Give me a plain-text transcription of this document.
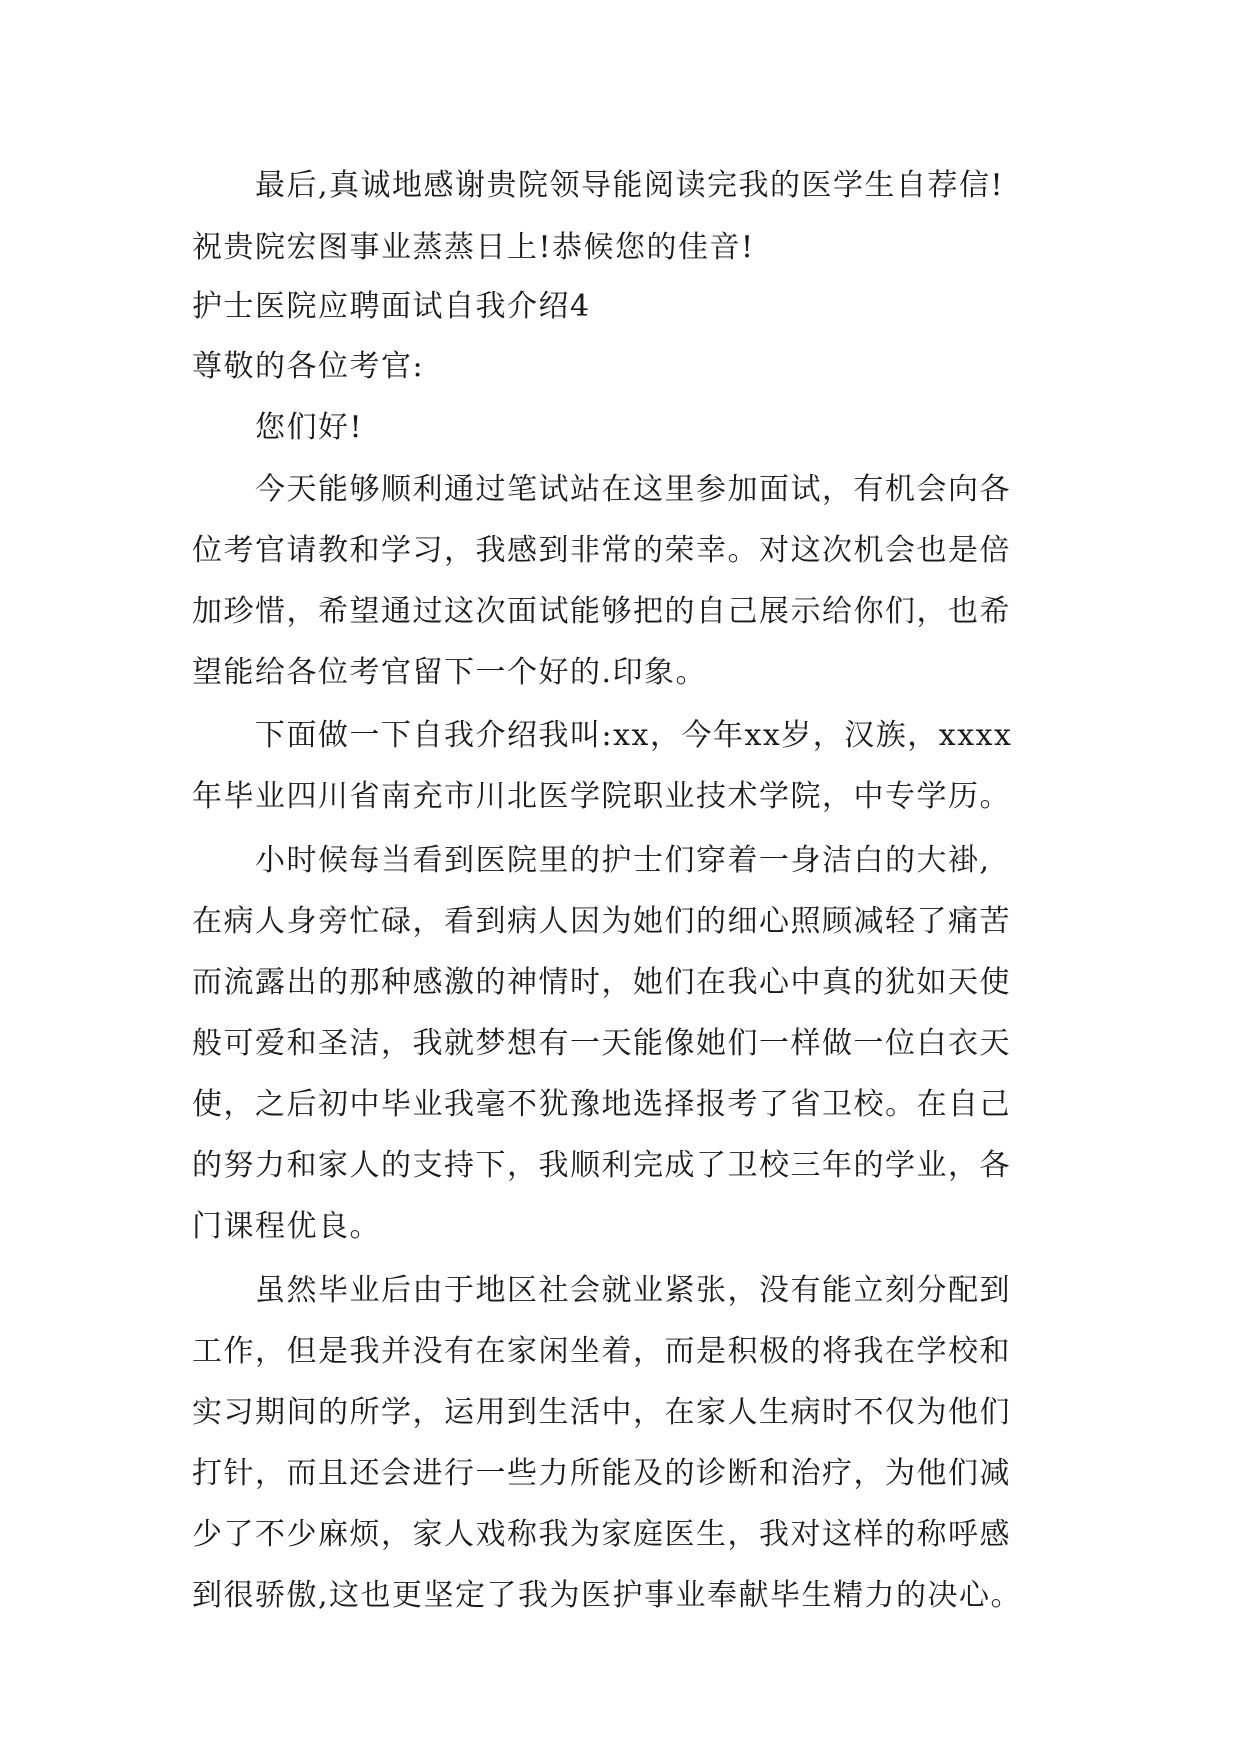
最后,真诚地感谢贵院领导能阅读完我的医学生自荐信!

祝贵院宏图事业蒸蒸日上!恭候您的佳音!

护士医院应聘面试自我介绍4

尊敬的各位考官:

您们好!

今天能够顺利通过笔试站在这里参加面试，有机会向各

位考官请教和学习，我感到非常的荣幸。对这次机会也是倍

加珍惜，希望通过这次面试能够把的自己展示给你们，也希

望能给各位考官留下一个好的.印象。

下面做一下自我介绍我叫:xx，今年xx岁，汉族，xxxx

年毕业四川省南充市川北医学院职业技术学院，中专学历。

小时候每当看到医院里的护士们穿着一身洁白的大褂,

在病人身旁忙碌，看到病人因为她们的细心照顾减轻了痛苦

而流露出的那种感激的神情时，她们在我心中真的犹如天使

般可爱和圣洁，我就梦想有一天能像她们一样做一位白衣天

使，之后初中毕业我毫不犹豫地选择报考了省卫校。在自己

的努力和家人的支持下，我顺利完成了卫校三年的学业，各

门课程优良。

虽然毕业后由于地区社会就业紧张，没有能立刻分配到

工作，但是我并没有在家闲坐着，而是积极的将我在学校和

实习期间的所学，运用到生活中，在家人生病时不仅为他们

打针，而且还会进行一些力所能及的诊断和治疗，为他们减

少了不少麻烦，家人戏称我为家庭医生，我对这样的称呼感

到很骄傲,这也更坚定了我为医护事业奉献毕生精力的决心。
